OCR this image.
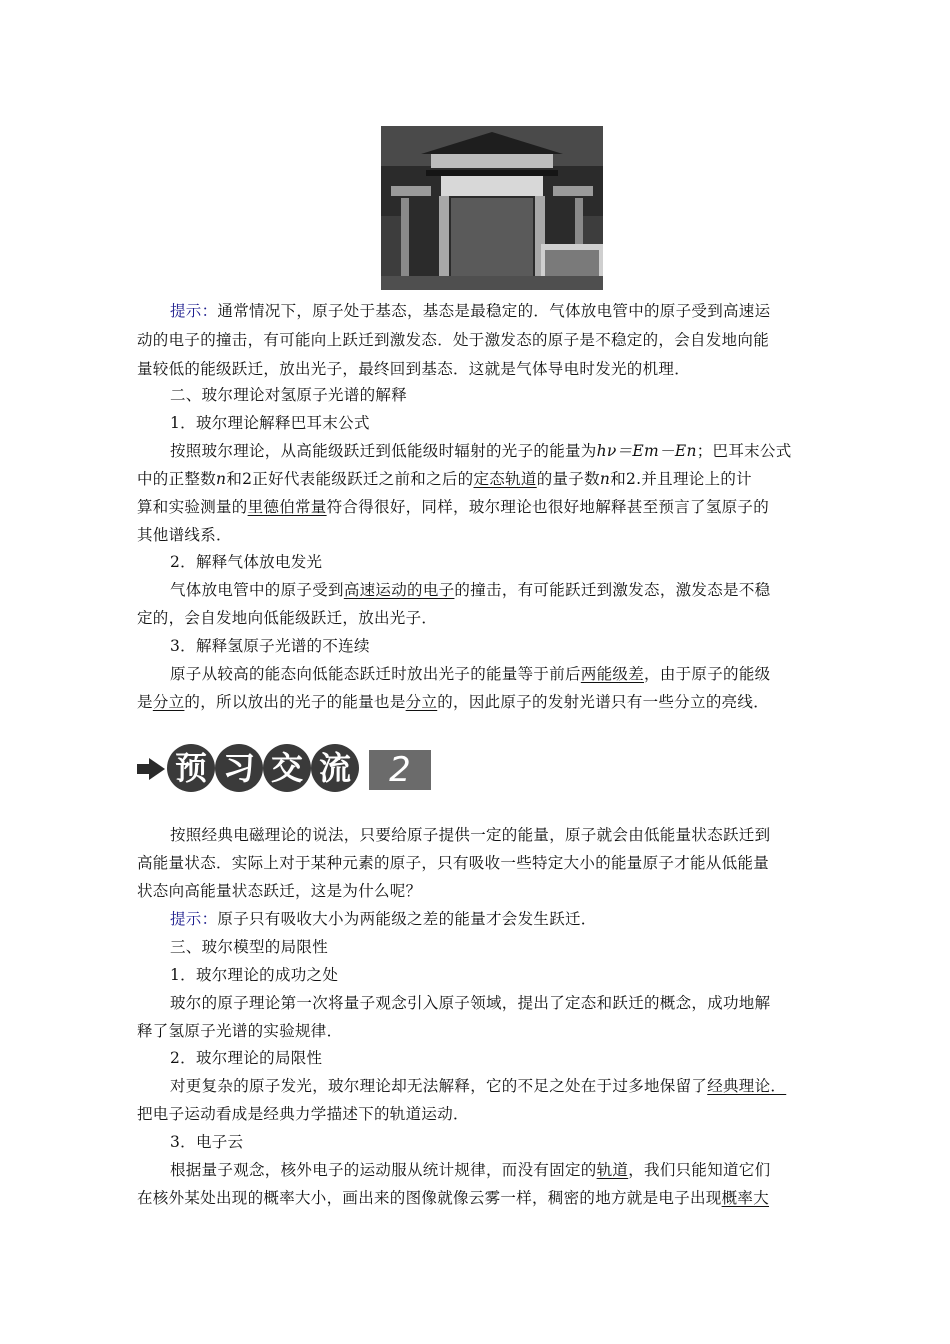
提示：通常情况下，原子处于基态，基态是最稳定的．气体放电管中的原子受到高速运
动的电子的撞击，有可能向上跃迁到激发态．处于激发态的原子是不稳定的，会自发地向能
量较低的能级跃迁，放出光子，最终回到基态．这就是气体导电时发光的机理．
二、玻尔理论对氢原子光谱的解释
1．玻尔理论解释巴耳末公式
按照玻尔理论，从高能级跃迁到低能级时辐射的光子的能量为hν＝Em－En；巴耳末公式
中的正整数n和2正好代表能级跃迁之前和之后的定态轨道的量子数n和2.并且理论上的计
算和实验测量的里德伯常量符合得很好，同样，玻尔理论也很好地解释甚至预言了氢原子的
其他谱线系．
2．解释气体放电发光
气体放电管中的原子受到高速运动的电子的撞击，有可能跃迁到激发态，激发态是不稳
定的，会自发地向低能级跃迁，放出光子．
3．解释氢原子光谱的不连续
原子从较高的能态向低能态跃迁时放出光子的能量等于前后两能级差，由于原子的能级
是分立的，所以放出的光子的能量也是分立的，因此原子的发射光谱只有一些分立的亮线．
预 习 交 流	2
按照经典电磁理论的说法，只要给原子提供一定的能量，原子就会由低能量状态跃迁到
高能量状态．实际上对于某种元素的原子，只有吸收一些特定大小的能量原子才能从低能量
状态向高能量状态跃迁，这是为什么呢？
提示：原子只有吸收大小为两能级之差的能量才会发生跃迁．
三、玻尔模型的局限性
1．玻尔理论的成功之处
玻尔的原子理论第一次将量子观念引入原子领域，提出了定态和跃迁的概念，成功地解
释了氢原子光谱的实验规律．
2．玻尔理论的局限性
对更复杂的原子发光，玻尔理论却无法解释，它的不足之处在于过多地保留了经典理论．
把电子运动看成是经典力学描述下的轨道运动．
3．电子云
根据量子观念，核外电子的运动服从统计规律，而没有固定的轨道，我们只能知道它们
在核外某处出现的概率大小，画出来的图像就像云雾一样，稠密的地方就是电子出现概率大
